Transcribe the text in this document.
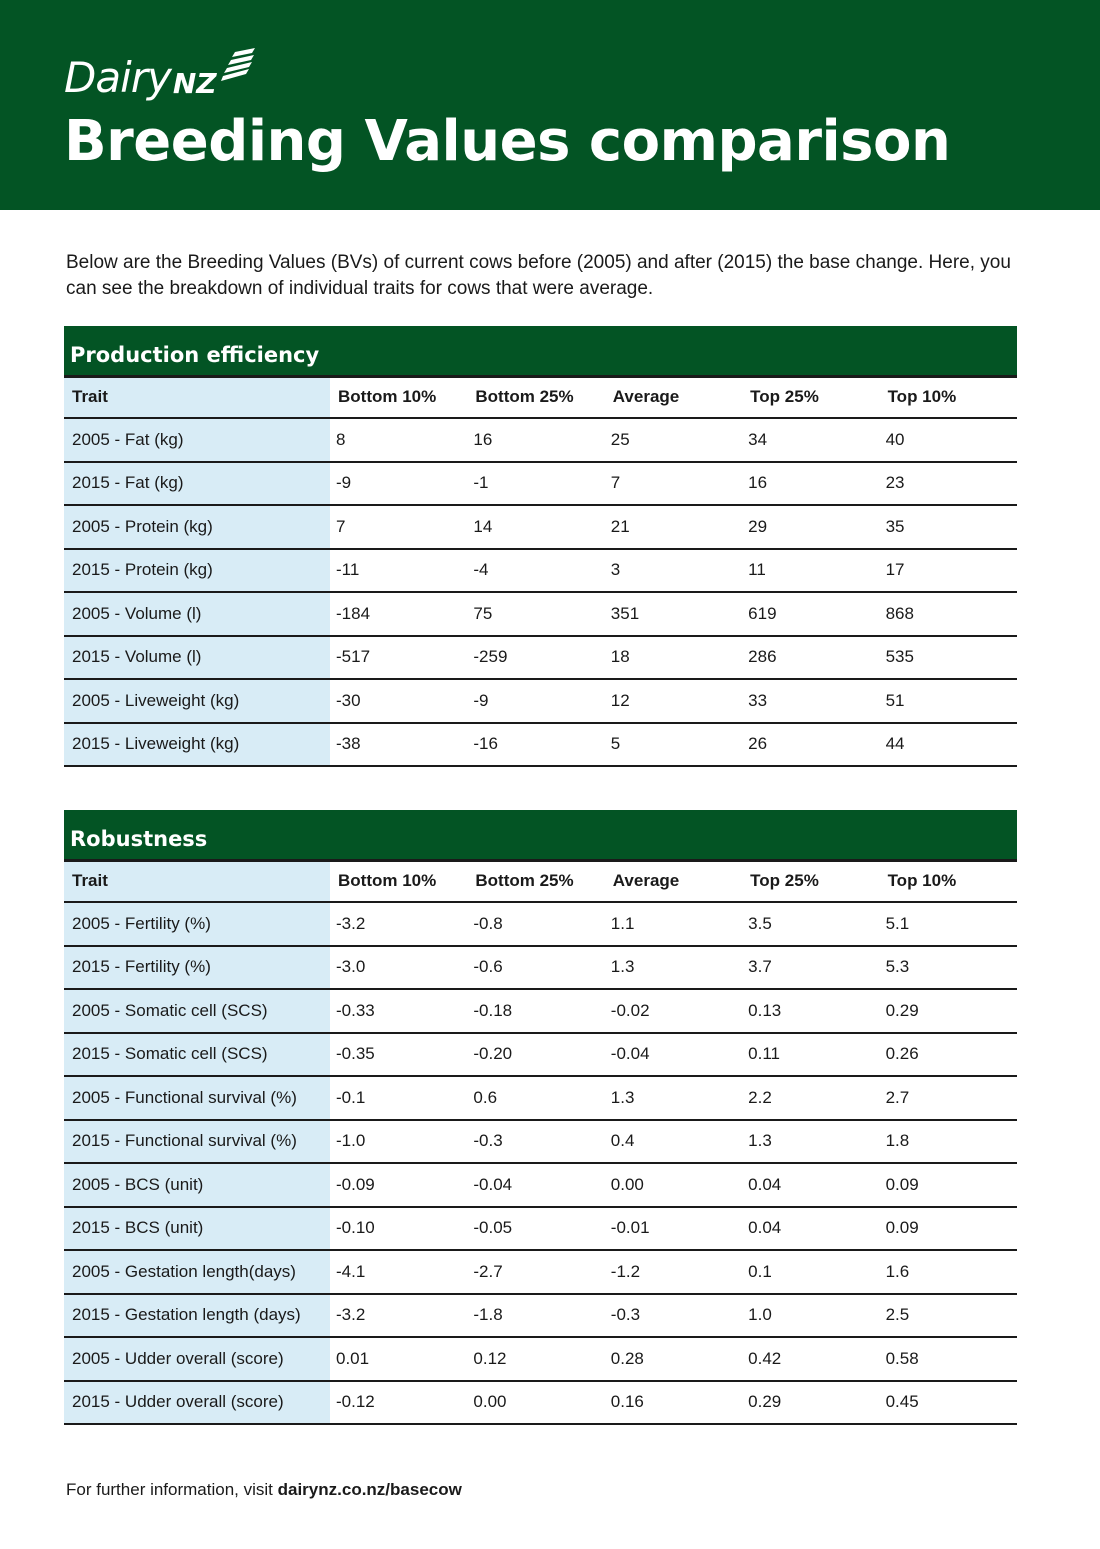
Dairy NZ
Breeding Values comparison

Below are the Breeding Values (BVs) of current cows before (2005) and after (2015) the base change. Here, you can see the breakdown of individual traits for cows that were average.

Production efficiency					
Trait	Bottom 10%	Bottom 25%	Average	Top 25%	Top 10%
2005 - Fat (kg)	8	16	25	34	40
2015 - Fat (kg)	-9	-1	7	16	23
2005 - Protein (kg)	7	14	21	29	35
2015 - Protein (kg)	-11	-4	3	11	17
2005 - Volume (l)	-184	75	351	619	868
2015 - Volume (l)	-517	-259	18	286	535
2005 - Liveweight (kg)	-30	-9	12	33	51
2015 - Liveweight (kg)	-38	-16	5	26	44
Robustness					
Trait	Bottom 10%	Bottom 25%	Average	Top 25%	Top 10%
2005 - Fertility (%)	-3.2	-0.8	1.1	3.5	5.1
2015 - Fertility (%)	-3.0	-0.6	1.3	3.7	5.3
2005 - Somatic cell (SCS)	-0.33	-0.18	-0.02	0.13	0.29
2015 - Somatic cell (SCS)	-0.35	-0.20	-0.04	0.11	0.26
2005 - Functional survival (%)	-0.1	0.6	1.3	2.2	2.7
2015 - Functional survival (%)	-1.0	-0.3	0.4	1.3	1.8
2005 - BCS (unit)	-0.09	-0.04	0.00	0.04	0.09
2015 - BCS (unit)	-0.10	-0.05	-0.01	0.04	0.09
2005 - Gestation length(days)	-4.1	-2.7	-1.2	0.1	1.6
2015 - Gestation length (days)	-3.2	-1.8	-0.3	1.0	2.5
2005 - Udder overall (score)	0.01	0.12	0.28	0.42	0.58
2015 - Udder overall (score)	-0.12	0.00	0.16	0.29	0.45
For further information, visit dairynz.co.nz/basecow
